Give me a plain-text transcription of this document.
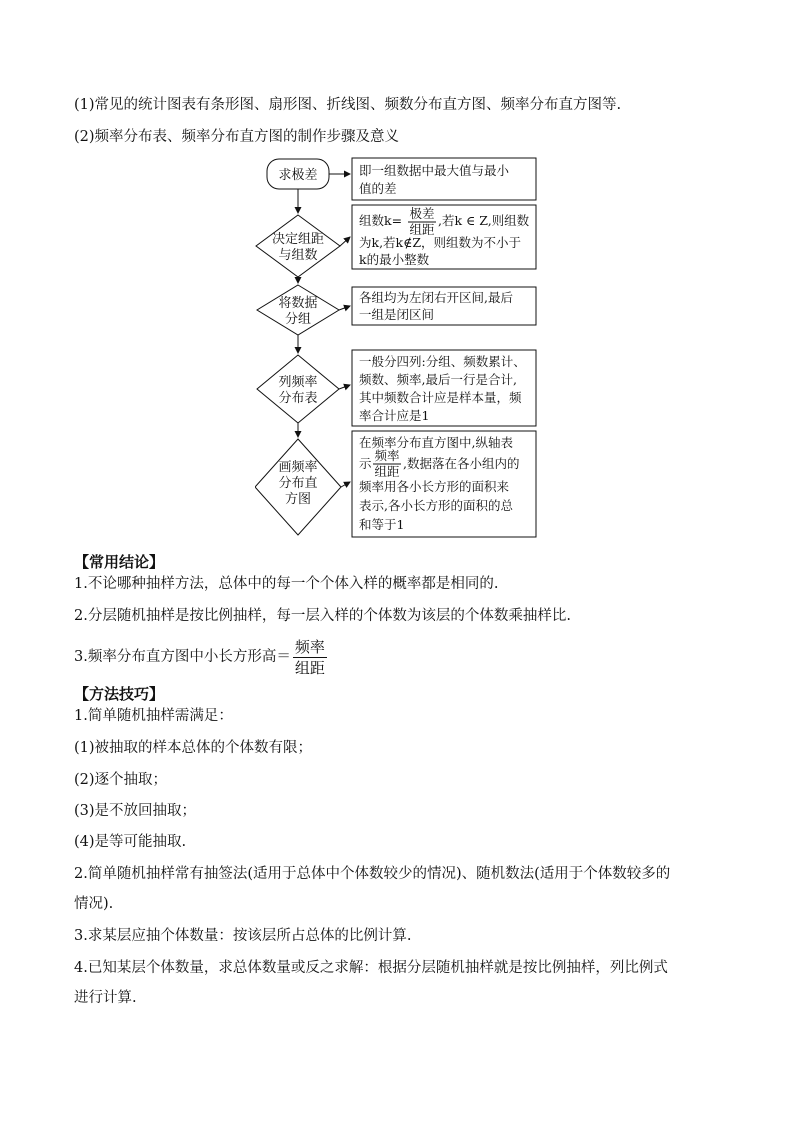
(1)常见的统计图表有条形图、扇形图、折线图、频数分布直方图、频率分布直方图等.
(2)频率分布表、频率分布直方图的制作步骤及意义
求极差
决定组距
与组数
将数据
分组
列频率
分布表
画频率
分布直
方图
即一组数据中最大值与最小
值的差
组数k= 极差
组距
,若k ∈ Z,则组数
为k,若k∉Z，则组数为不小于
k的最小整数
各组均为左闭右开区间,最后
一组是闭区间
一般分四列:分组、频数累计、
频数、频率,最后一行是合计,
其中频数合计应是样本量，频
率合计应是1
在频率分布直方图中,纵轴表
示
频率
组距
,数据落在各小组内的
频率用各小长方形的面积来
表示,各小长方形的面积的总
和等于1
【常用结论】
1.不论哪种抽样方法，总体中的每一个个体入样的概率都是相同的.
2.分层随机抽样是按比例抽样，每一层入样的个体数为该层的个体数乘抽样比.
3.频率分布直方图中小长方形高＝ $\frac{\text{频率}}{\text{组距}}$
【方法技巧】
1.简单随机抽样需满足：
(1)被抽取的样本总体的个体数有限；
(2)逐个抽取；
(3)是不放回抽取；
(4)是等可能抽取.
2.简单随机抽样常有抽签法(适用于总体中个体数较少的情况)、随机数法(适用于个体数较多的
情况).
3.求某层应抽个体数量：按该层所占总体的比例计算.
4.已知某层个体数量，求总体数量或反之求解：根据分层随机抽样就是按比例抽样，列比例式
进行计算.
